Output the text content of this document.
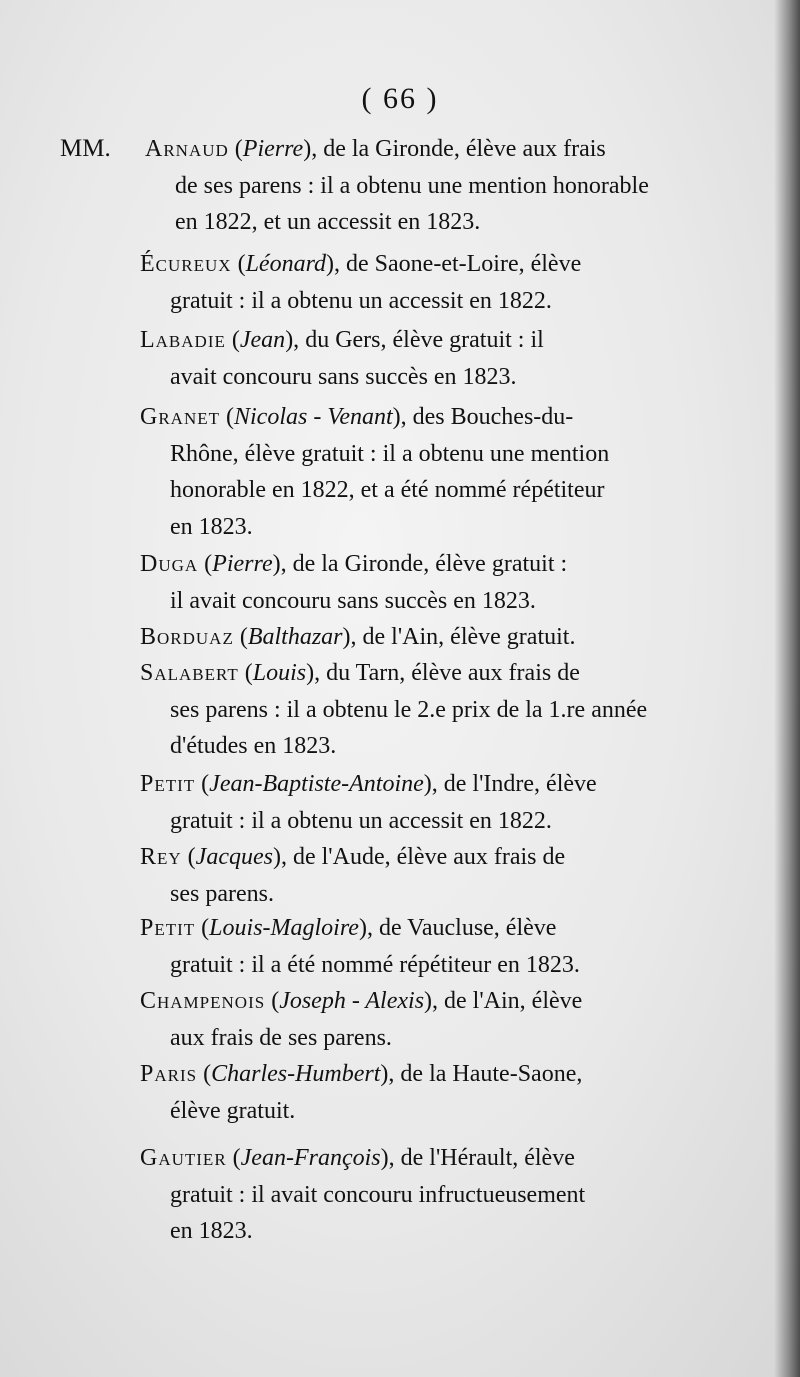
( 66 )
MM. Arnaud (Pierre), de la Gironde, élève aux frais
de ses parens : il a obtenu une mention honorable
en 1822, et un accessit en 1823.
Écureux (Léonard), de Saone-et-Loire, élève
gratuit : il a obtenu un accessit en 1822.
Labadie (Jean), du Gers, élève gratuit : il
avait concouru sans succès en 1823.
Granet (Nicolas - Venant), des Bouches-du-
Rhône, élève gratuit : il a obtenu une mention
honorable en 1822, et a été nommé répétiteur
en 1823.
Duga (Pierre), de la Gironde, élève gratuit :
il avait concouru sans succès en 1823.
Borduaz (Balthazar), de l'Ain, élève gratuit.
Salabert (Louis), du Tarn, élève aux frais de
ses parens : il a obtenu le 2.e prix de la 1.re année
d'études en 1823.
Petit (Jean-Baptiste-Antoine), de l'Indre, élève
gratuit : il a obtenu un accessit en 1822.
Rey (Jacques), de l'Aude, élève aux frais de
ses parens.
Petit (Louis-Magloire), de Vaucluse, élève
gratuit : il a été nommé répétiteur en 1823.
Champenois (Joseph - Alexis), de l'Ain, élève
aux frais de ses parens.
Paris (Charles-Humbert), de la Haute-Saone,
élève gratuit.
Gautier (Jean-François), de l'Hérault, élève
gratuit : il avait concouru infructueusement
en 1823.
